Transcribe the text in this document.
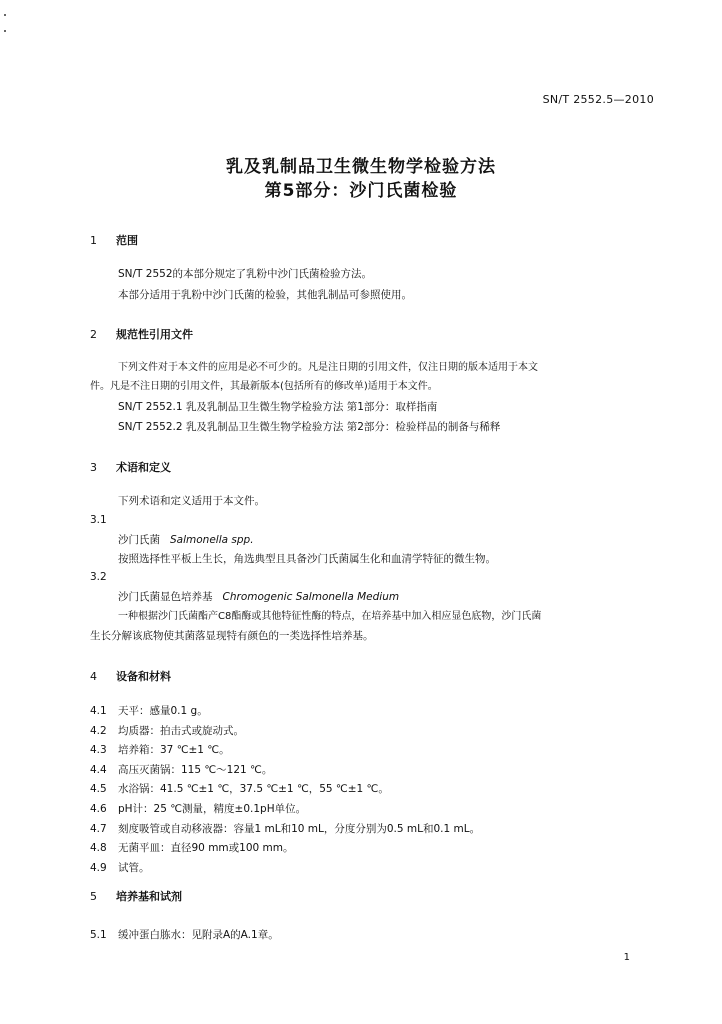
SN/T 2552.5—2010
乳及乳制品卫生微生物学检验方法
第5部分：沙门氏菌检验
1 范围
SN/T 2552的本部分规定了乳粉中沙门氏菌检验方法。
本部分适用于乳粉中沙门氏菌的检验，其他乳制品可参照使用。
2 规范性引用文件
下列文件对于本文件的应用是必不可少的。凡是注日期的引用文件，仅注日期的版本适用于本文
件。凡是不注日期的引用文件，其最新版本(包括所有的修改单)适用于本文件。
SN/T 2552.1 乳及乳制品卫生微生物学检验方法 第1部分：取样指南
SN/T 2552.2 乳及乳制品卫生微生物学检验方法 第2部分：检验样品的制备与稀释
3 术语和定义
下列术语和定义适用于本文件。
3.1
沙门氏菌 Salmonella spp.
按照选择性平板上生长，角选典型且具备沙门氏菌属生化和血清学特征的微生物。
3.2
沙门氏菌显色培养基 Chromogenic Salmonella Medium
一种根据沙门氏菌酯产C8酯酶或其他特征性酶的特点，在培养基中加入相应显色底物，沙门氏菌
生长分解该底物使其菌落显现特有颜色的一类选择性培养基。
4 设备和材料
4.1 天平：感量0.1 g。
4.2 均质器：拍击式或旋动式。
4.3 培养箱：37 ℃±1 ℃。
4.4 高压灭菌锅：115 ℃～121 ℃。
4.5 水浴锅：41.5 ℃±1 ℃，37.5 ℃±1 ℃，55 ℃±1 ℃。
4.6 pH计：25 ℃测量，精度±0.1pH单位。
4.7 刻度吸管或自动移液器：容量1 mL和10 mL，分度分别为0.5 mL和0.1 mL。
4.8 无菌平皿：直径90 mm或100 mm。
4.9 试管。
5 培养基和试剂
5.1 缓冲蛋白胨水：见附录A的A.1章。
1
